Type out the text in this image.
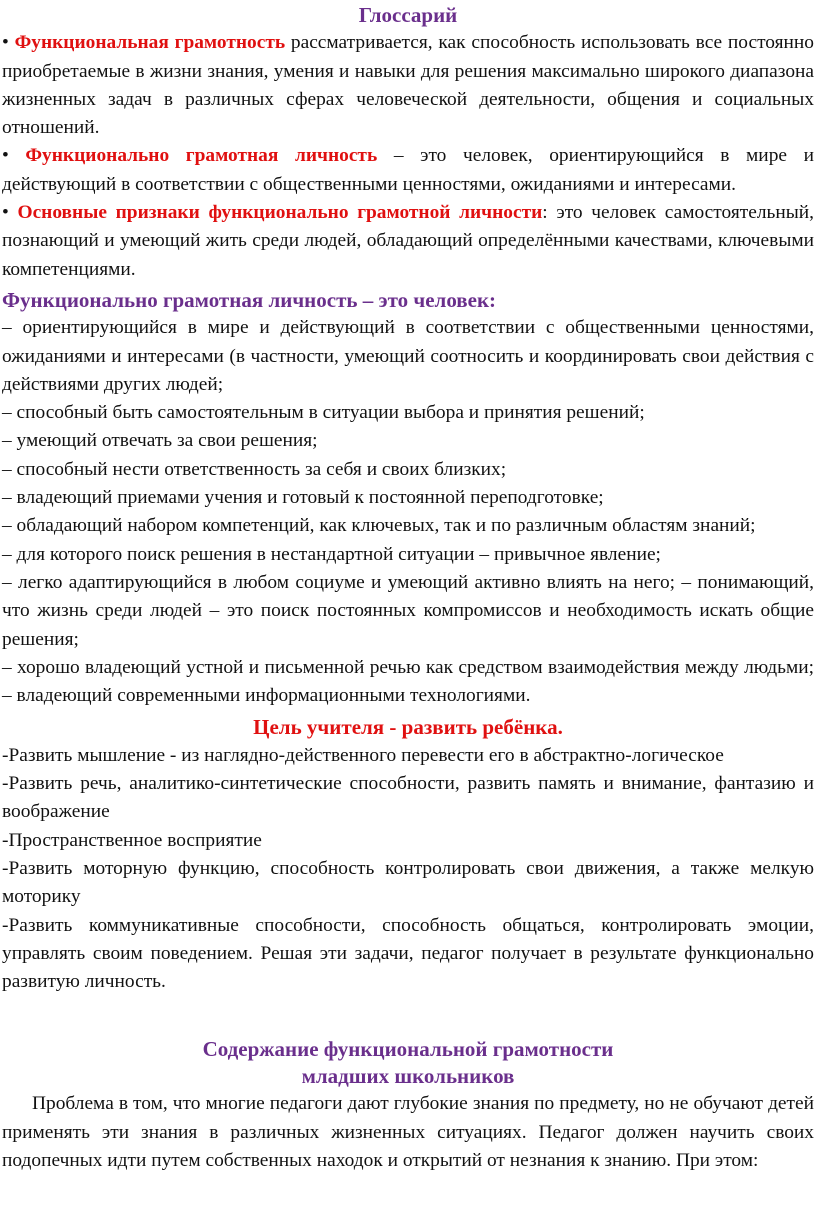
Глоссарий

• Функциональная грамотность рассматривается, как способность использовать все постоянно приобретаемые в жизни знания, умения и навыки для решения максимально широкого диапазона жизненных задач в различных сферах человеческой деятельности, общения и социальных отношений.

• Функционально грамотная личность – это человек, ориентирующийся в мире и действующий в соответствии с общественными ценностями, ожиданиями и интересами.

• Основные признаки функционально грамотной личности: это человек самостоятельный, познающий и умеющий жить среди людей, обладающий определёнными качествами, ключевыми компетенциями.

Функционально грамотная личность – это человек:

– ориентирующийся в мире и действующий в соответствии с общественными ценностями, ожиданиями и интересами (в частности, умеющий соотносить и координировать свои действия с действиями других людей;

– способный быть самостоятельным в ситуации выбора и принятия решений;

– умеющий отвечать за свои решения;

– способный нести ответственность за себя и своих близких;

– владеющий приемами учения и готовый к постоянной переподготовке;

– обладающий набором компетенций, как ключевых, так и по различным областям знаний;

– для которого поиск решения в нестандартной ситуации – привычное явление;

– легко адаптирующийся в любом социуме и умеющий активно влиять на него; – понимающий, что жизнь среди людей – это поиск постоянных компромиссов и необходимость искать общие решения;

– хорошо владеющий устной и письменной речью как средством взаимодействия между людьми; – владеющий современными информационными технологиями.

Цель учителя - развить ребёнка.

-Развить мышление - из наглядно-действенного перевести его в абстрактно-логическое

-Развить речь, аналитико-синтетические способности, развить память и внимание, фантазию и воображение

-Пространственное восприятие

-Развить моторную функцию, способность контролировать свои движения, а также мелкую моторику

-Развить коммуникативные способности, способность общаться, контролировать эмоции, управлять своим поведением. Решая эти задачи, педагог получает в результате функционально развитую личность.

Содержание функциональной грамотности

младших школьников

Проблема в том, что многие педагоги дают глубокие знания по предмету, но не обучают детей применять эти знания в различных жизненных ситуациях. Педагог должен научить своих подопечных идти путем собственных находок и открытий от незнания к знанию. При этом:
